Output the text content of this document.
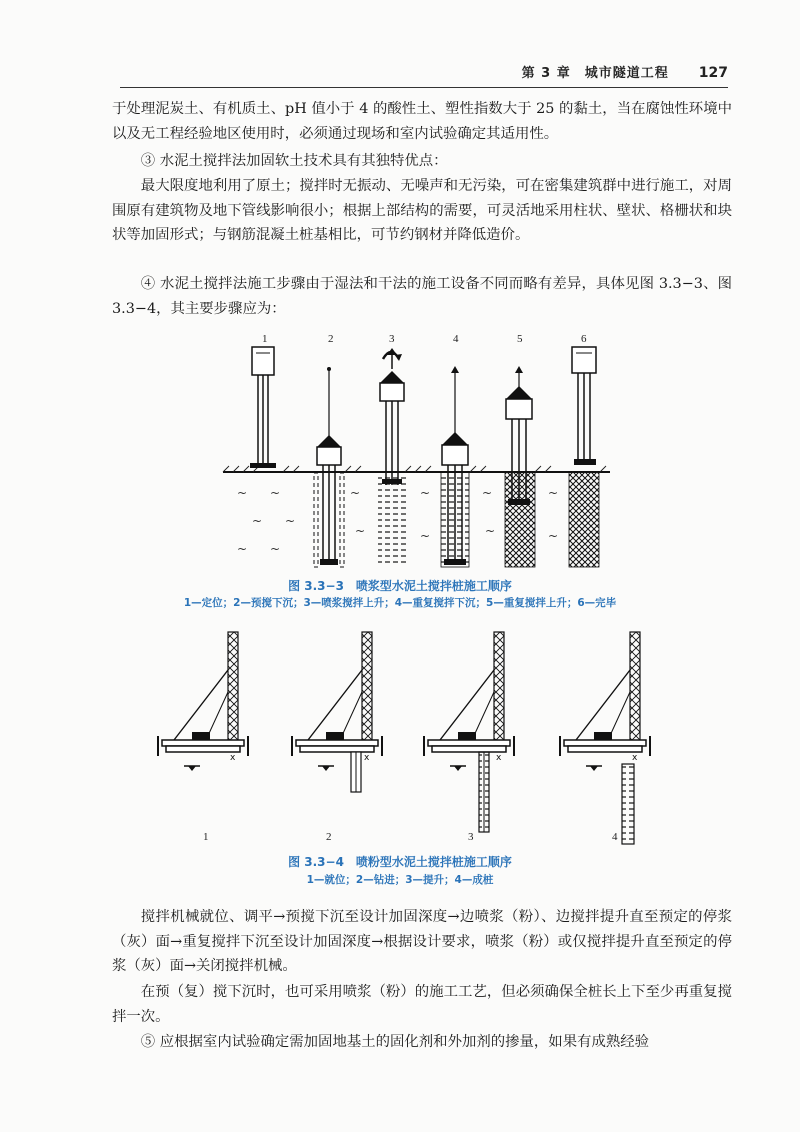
第 3 章　城市隧道工程 127

于处理泥炭土、有机质土、pH 值小于 4 的酸性土、塑性指数大于 25 的黏土，当在腐蚀性环境中以及无工程经验地区使用时，必须通过现场和室内试验确定其适用性。

③ 水泥土搅拌法加固软土技术具有其独特优点：

最大限度地利用了原土；搅拌时无振动、无噪声和无污染，可在密集建筑群中进行施工，对周围原有建筑物及地下管线影响很小；根据上部结构的需要，可灵活地采用柱状、壁状、格栅状和块状等加固形式；与钢筋混凝土桩基相比，可节约钢材并降低造价。

④ 水泥土搅拌法施工步骤由于湿法和干法的施工设备不同而略有差异，具体见图 3.3−3、图 3.3−4，其主要步骤应为：

1	2	3	4	5	6
~ ~
~ ~
~ ~
~
~
~
~
~
~
~
~
图 3.3−3　喷浆型水泥土搅拌桩施工顺序
1—定位；2—预搅下沉；3—喷浆搅拌上升；4—重复搅拌下沉；5—重复搅拌上升；6—完毕
x
1	2	3	4
图 3.3−4　喷粉型水泥土搅拌桩施工顺序
1—就位；2—钻进；3—提升；4—成桩

搅拌机械就位、调平→预搅下沉至设计加固深度→边喷浆（粉）、边搅拌提升直至预定的停浆（灰）面→重复搅拌下沉至设计加固深度→根据设计要求，喷浆（粉）或仅搅拌提升直至预定的停浆（灰）面→关闭搅拌机械。

在预（复）搅下沉时，也可采用喷浆（粉）的施工工艺，但必须确保全桩长上下至少再重复搅拌一次。

⑤ 应根据室内试验确定需加固地基土的固化剂和外加剂的掺量，如果有成熟经验
